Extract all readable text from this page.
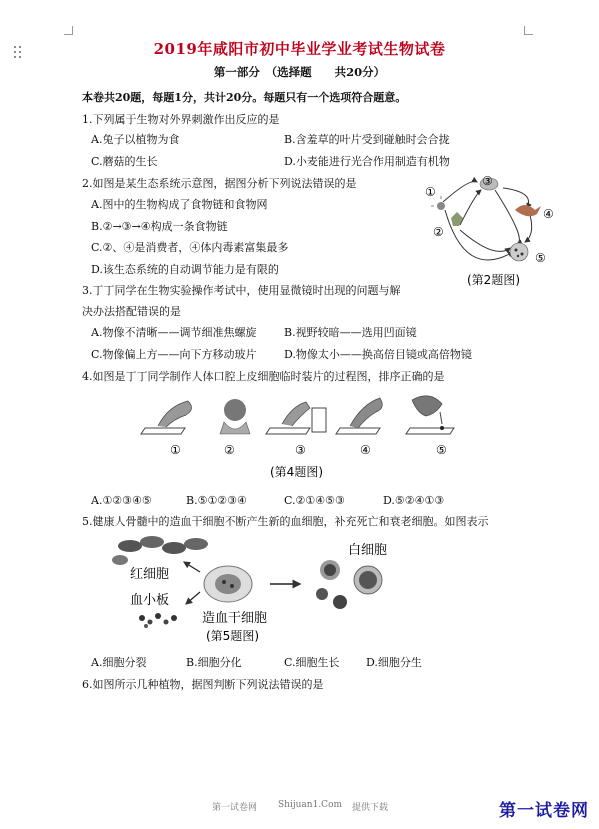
2019年咸阳市初中毕业学业考试生物试卷
第一部分　（选择题　　共20分）
本卷共20题，每题1分，共计20分。每题只有一个选项符合题意。
1.下列属于生物对外界刺激作出反应的是
A.兔子以植物为食	B.含羞草的叶片受到碰触时会合拢
C.蘑菇的生长	D.小麦能进行光合作用制造有机物
2.如图是某生态系统示意图，据图分析下列说法错误的是
A.图中的生物构成了食物链和食物网
B.②→③→④构成一条食物链
C.②、④是消费者，④体内毒素富集最多
D.该生态系统的自动调节能力是有限的
①
②
③
④
⑤
(第2题图)
3.丁丁同学在生物实验操作考试中，使用显微镜时出现的问题与解
决办法搭配错误的是
A.物像不清晰——调节细准焦螺旋	B.视野较暗——选用凹面镜
C.物像偏上方——向下方移动玻片 D.物像太小——换高倍目镜或高倍物镜
4.如图是丁丁同学制作人体口腔上皮细胞临时装片的过程图，排序正确的是
①	②	③	④	⑤
(第4题图)
A.①②③④⑤	B.⑤①②③④	C.②①④⑤③	D.⑤②④①③
5.健康人骨髓中的造血干细胞不断产生新的血细胞，补充死亡和衰老细胞。如图表示
红细胞
血小板
造血干细胞
(第5题图)
白细胞
A.细胞分裂	B.细胞分化	C.细胞生长 D.细胞分生
6.如图所示几种植物，据图判断下列说法错误的是
第一试卷网 Shijuan1.Com 提供下载	第一试卷网
